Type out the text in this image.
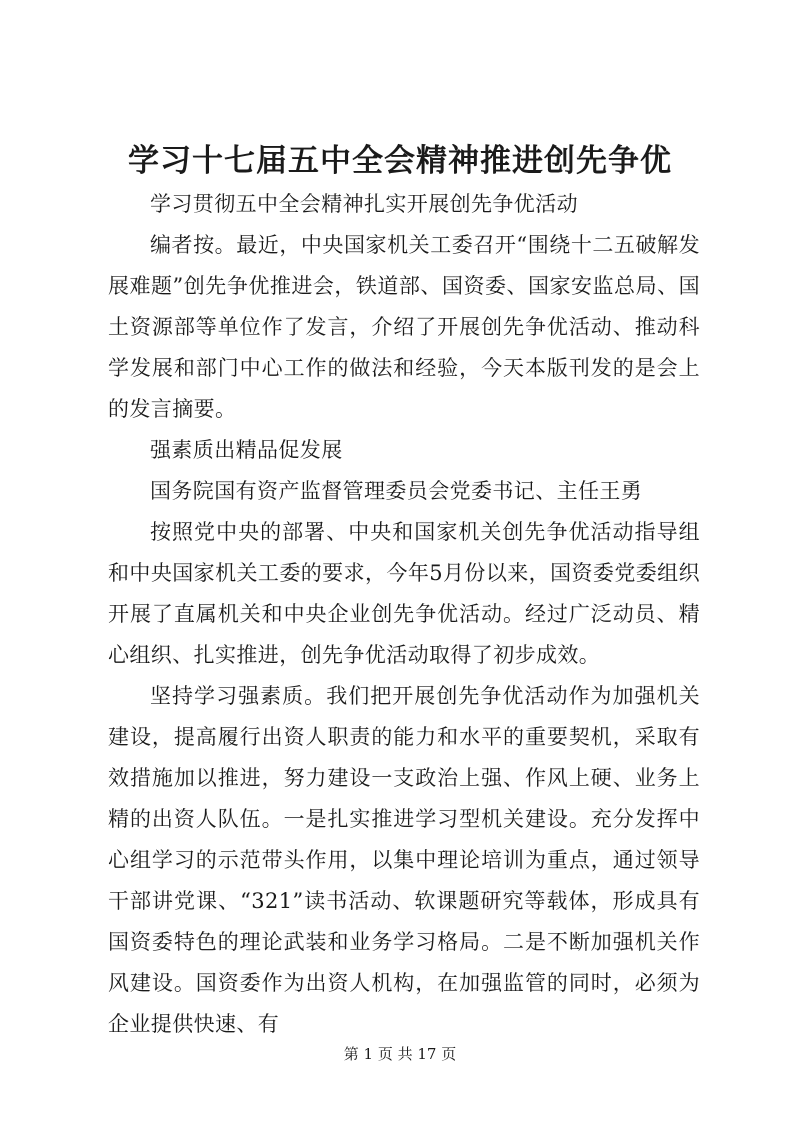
学习十七届五中全会精神推进创先争优

学习贯彻五中全会精神扎实开展创先争优活动

编者按。最近，中央国家机关工委召开“围绕十二五破解发展难题”创先争优推进会，铁道部、国资委、国家安监总局、国土资源部等单位作了发言，介绍了开展创先争优活动、推动科学发展和部门中心工作的做法和经验，今天本版刊发的是会上的发言摘要。

强素质出精品促发展

国务院国有资产监督管理委员会党委书记、主任王勇

按照党中央的部署、中央和国家机关创先争优活动指导组和中央国家机关工委的要求，今年5月份以来，国资委党委组织开展了直属机关和中央企业创先争优活动。经过广泛动员、精心组织、扎实推进，创先争优活动取得了初步成效。

坚持学习强素质。我们把开展创先争优活动作为加强机关建设，提高履行出资人职责的能力和水平的重要契机，采取有效措施加以推进，努力建设一支政治上强、作风上硬、业务上精的出资人队伍。一是扎实推进学习型机关建设。充分发挥中心组学习的示范带头作用，以集中理论培训为重点，通过领导干部讲党课、“321”读书活动、软课题研究等载体，形成具有国资委特色的理论武装和业务学习格局。二是不断加强机关作风建设。国资委作为出资人机构，在加强监管的同时，必须为企业提供快速、有

第 1 页 共 17 页
